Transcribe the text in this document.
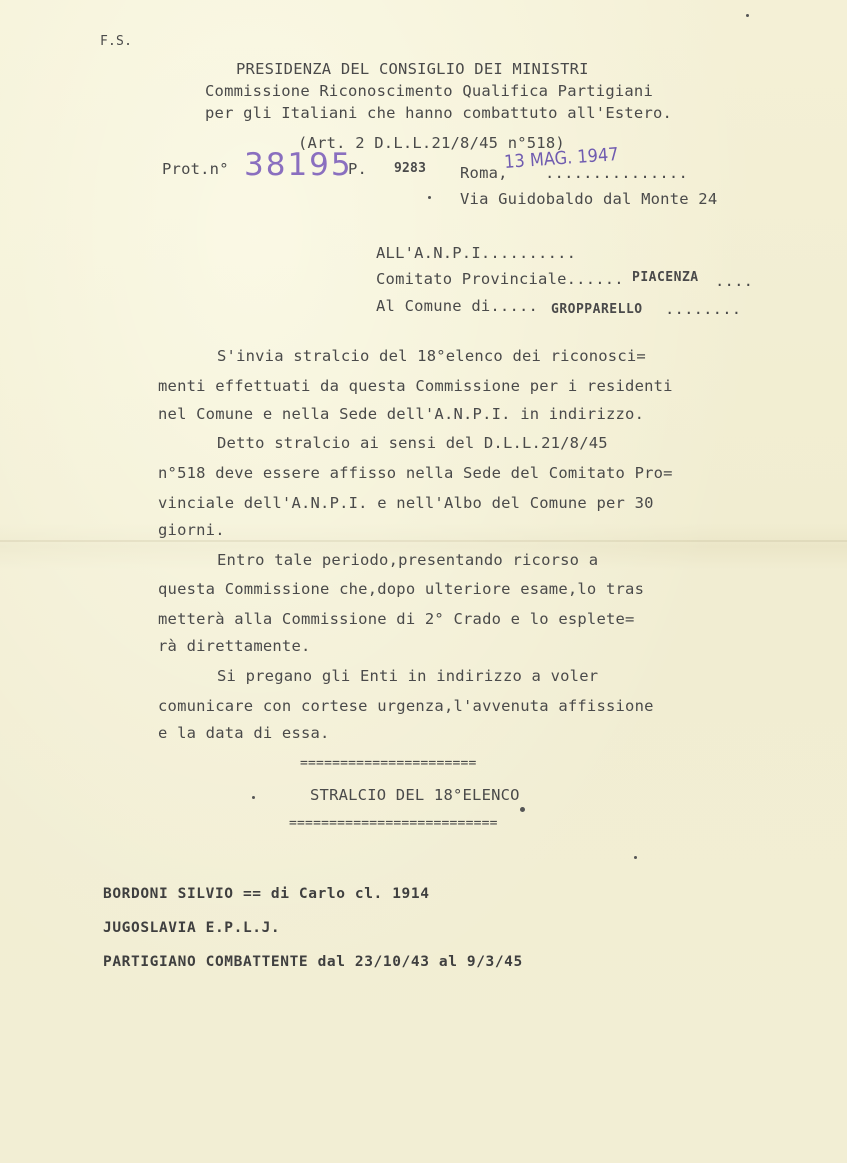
F.S.
PRESIDENZA DEL CONSIGLIO DEI MINISTRI
Commissione Riconoscimento Qualifica Partigiani
per gli Italiani che hanno combattuto all'Estero.
(Art. 2 D.L.L.21/8/45 n°518)
Prot.n° 38195
P. 9283 Roma, ...............
13 MAG. 1947
Via Guidobaldo dal Monte 24
ALL'A.N.P.I..........
Comitato Provinciale...... PIACENZA ....
Al Comune di..... GROPPARELLO ........
S'invia stralcio del 18°elenco dei riconosci=
menti effettuati da questa Commissione per i residenti
nel Comune e nella Sede dell'A.N.P.I. in indirizzo.
Detto stralcio ai sensi del D.L.L.21/8/45
n°518 deve essere affisso nella Sede del Comitato Pro=
vinciale dell'A.N.P.I. e nell'Albo del Comune per 30
giorni.
Entro tale periodo,presentando ricorso a
questa Commissione che,dopo ulteriore esame,lo tras
metterà alla Commissione di 2° Crado e lo esplete=
rà direttamente.
Si pregano gli Enti in indirizzo a voler
comunicare con cortese urgenza,l'avvenuta affissione
e la data di essa.
======================
STRALCIO DEL 18°ELENCO
==========================
BORDONI SILVIO == di Carlo cl. 1914
JUGOSLAVIA E.P.L.J.
PARTIGIANO COMBATTENTE dal 23/10/43 al 9/3/45
